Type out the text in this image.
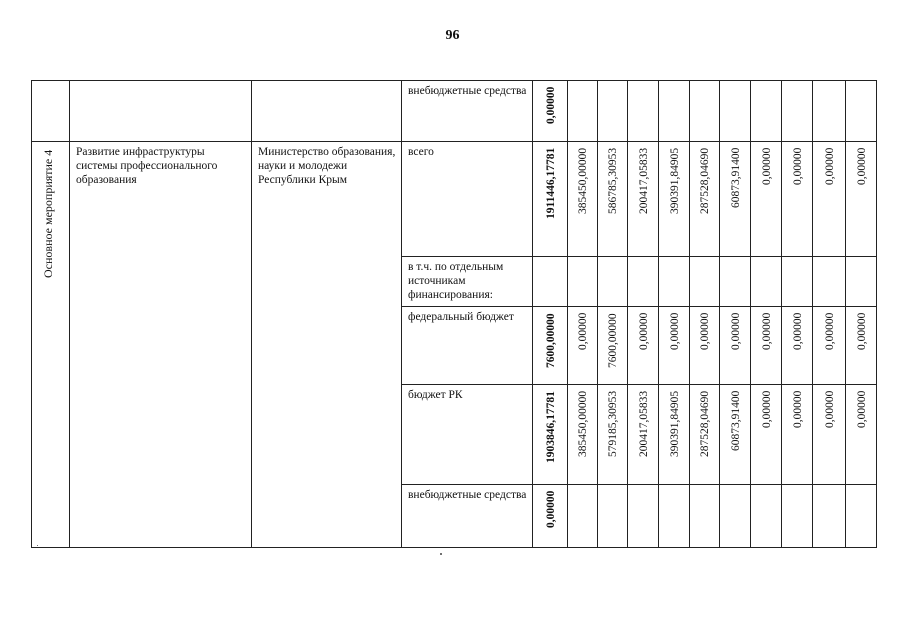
96

			внебюджетные средства	0,00000										

Основное мероприятие 4	Развитие инфраструктуры системы профессионального образования	Министерство образования, науки и молодежи Республики Крым	всего	1911446,17781	385450,00000	586785,30953	200417,05833	390391,84905	287528,04690	60873,91400	0,00000	0,00000	0,00000	0,00000

			в т.ч. по отдельным источникам финансирования:											

			федеральный бюджет	7600,00000	0,00000	7600,00000	0,00000	0,00000	0,00000	0,00000	0,00000	0,00000	0,00000	0,00000

			бюджет РК	1903846,17781	385450,00000	579185,30953	200417,05833	390391,84905	287528,04690	60873,91400	0,00000	0,00000	0,00000	0,00000

			внебюджетные средства	0,00000										
